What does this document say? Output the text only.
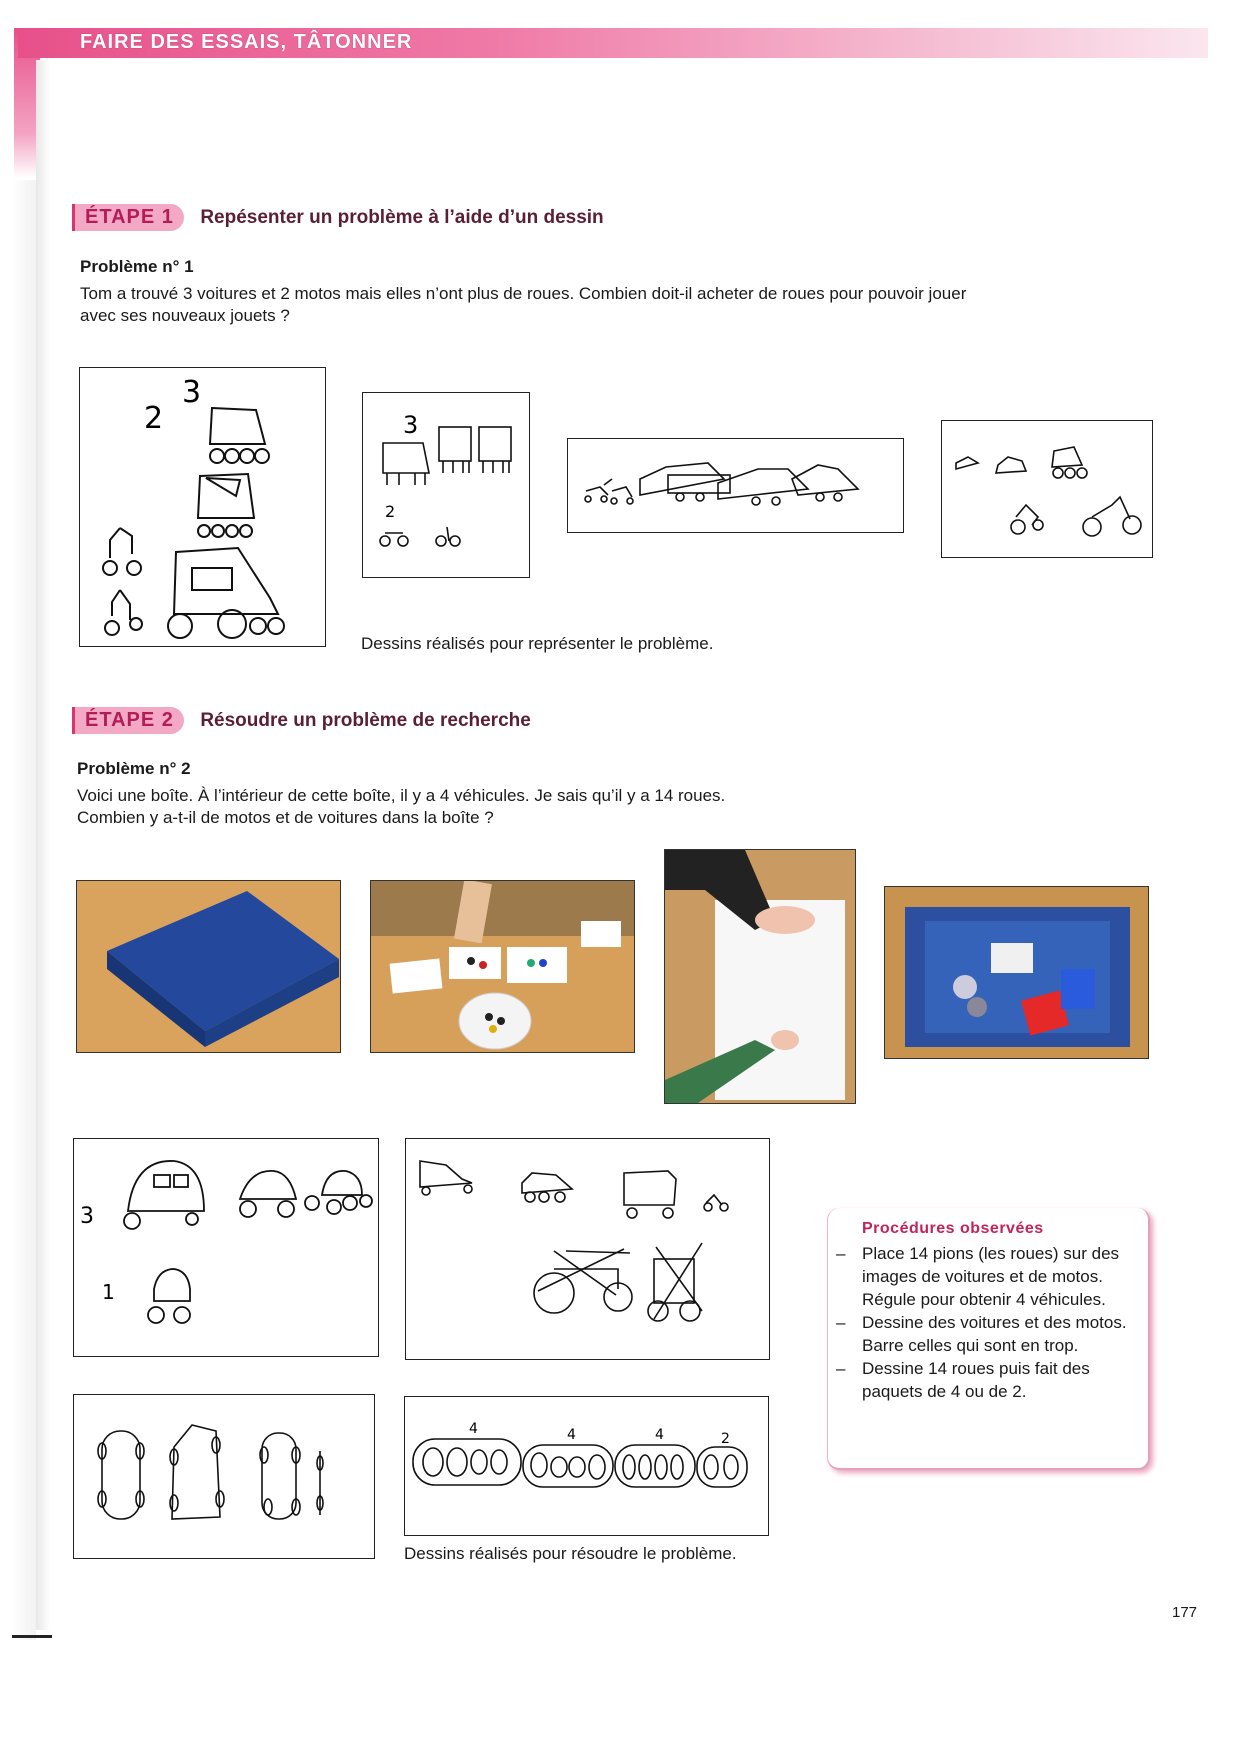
FAIRE DES ESSAIS, TÂTONNER
ÉTAPE 1 Repésenter un problème à l’aide d’un dessin
Problème n° 1
Tom a trouvé 3 voitures et 2 motos mais elles n’ont plus de roues. Combien doit-il acheter de roues pour pouvoir jouer
avec ses nouveaux jouets ?
2
3
3
2
Dessins réalisés pour représenter le problème.
ÉTAPE 2 Résoudre un problème de recherche
Problème n° 2
Voici une boîte. À l’intérieur de cette boîte, il y a 4 véhicules. Je sais qu’il y a 14 roues.
Combien y a-t-il de motos et de voitures dans la boîte ?
3
1
4	4	4	2
Dessins réalisés pour résoudre le problème.
Procédures observées
– Place 14 pions (les roues) sur des images de voitures et de motos. Régule pour obtenir 4 véhicules.
– Dessine des voitures et des motos. Barre celles qui sont en trop.
– Dessine 14 roues puis fait des paquets de 4 ou de 2.
177
